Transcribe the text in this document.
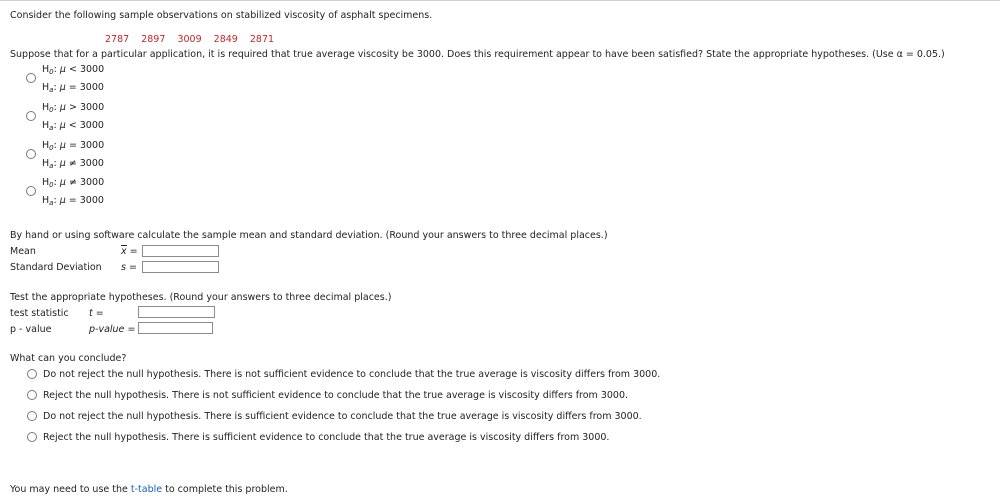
Consider the following sample observations on stabilized viscosity of asphalt specimens.
2787 2897 3009 2849 2871
Suppose that for a particular application, it is required that true average viscosity be 3000. Does this requirement appear to have been satisfied? State the appropriate hypotheses. (Use α = 0.05.)
$H_0$: μ < 3000
$H_a$: μ = 3000
$H_0$: μ > 3000
$H_a$: μ < 3000
$H_0$: μ = 3000
$H_a$: μ ≠ 3000
$H_0$: μ ≠ 3000
$H_a$: μ = 3000
By hand or using software calculate the sample mean and standard deviation. (Round your answers to three decimal places.)
Mean	x =
Standard Deviation s =
Test the appropriate hypotheses. (Round your answers to three decimal places.)
test statistic t =
p - value	p-value =
What can you conclude?
Do not reject the null hypothesis. There is not sufficient evidence to conclude that the true average is viscosity differs from 3000.
Reject the null hypothesis. There is not sufficient evidence to conclude that the true average is viscosity differs from 3000.
Do not reject the null hypothesis. There is sufficient evidence to conclude that the true average is viscosity differs from 3000.
Reject the null hypothesis. There is sufficient evidence to conclude that the true average is viscosity differs from 3000.
You may need to use the t-table to complete this problem.
